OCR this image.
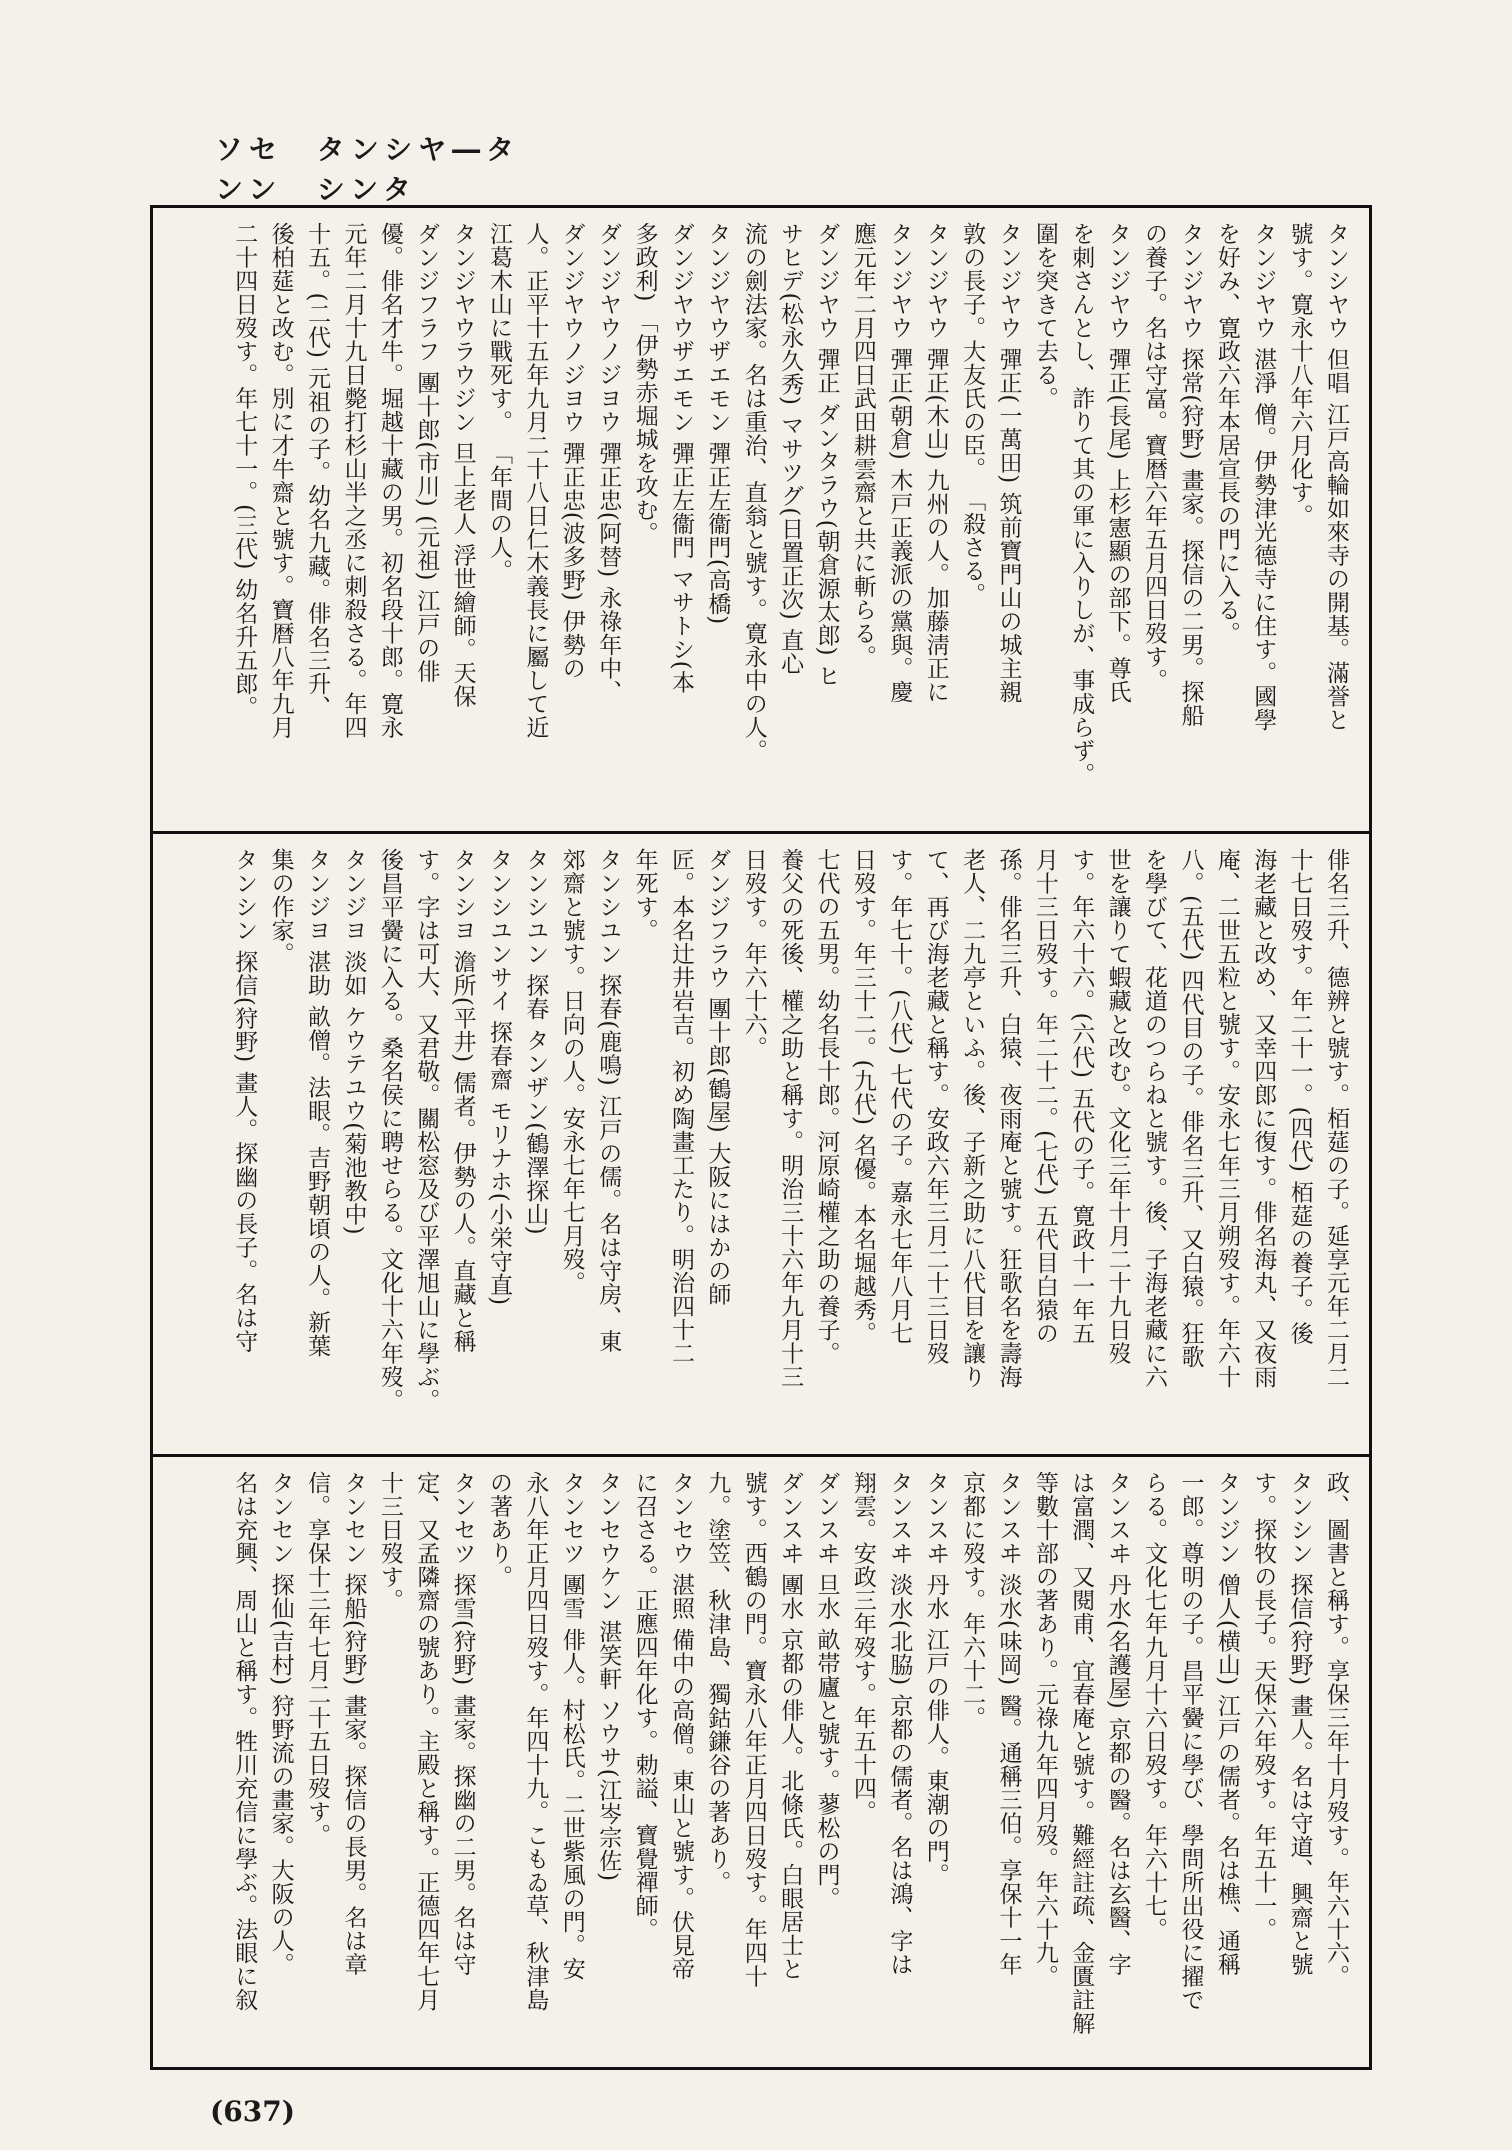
ソセンン
タンシヤ―タシンタ
タンシヤウ 但唱 江戸高輪如來寺の開基。滿誉と
號す。寛永十八年六月化す。
タンジヤウ 湛淨 僧。伊勢津光德寺に住す。國學
を好み、寛政六年本居宣長の門に入る。
タンジヤウ 探常(狩野) 畫家。探信の二男。探船
の養子。名は守富。寶暦六年五月四日歿す。
タンジヤウ 彈正(長尾) 上杉憲顯の部下。尊氏
を刺さんとし、詐りて其の軍に入りしが、事成らず。
圍を突きて去る。
タンジヤウ 彈正(一萬田) 筑前寶門山の城主親
敦の長子。大友氏の臣。 「殺さる。
タンジヤウ 彈正(木山) 九州の人。加藤淸正に
タンジヤウ 彈正(朝倉) 木戸正義派の黨與。慶
應元年二月四日武田耕雲齋と共に斬らる。
ダンジヤウ 彈正 ダンタラウ(朝倉源太郎) ヒ
サヒデ(松永久秀) マサツグ(日置正次) 直心
流の劍法家。名は重治、直翁と號す。寛永中の人。
タンジヤウザエモン 彈正左衞門(高橋)
ダンジヤウザエモン 彈正左衞門 マサトシ(本
多政利) 「伊勢赤堀城を攻む。
ダンジヤウノジヨウ 彈正忠(阿替) 永祿年中、
ダンジヤウノジヨウ 彈正忠(波多野) 伊勢の
人。正平十五年九月二十八日仁木義長に屬して近
江葛木山に戰死す。 「年間の人。
タンジヤウラウジン 旦上老人 浮世繪師。天保
ダンジフラフ 團十郎(市川) (元祖) 江戸の俳
優。俳名才牛。堀越十藏の男。初名段十郎。寛永
元年二月十九日斃打杉山半之丞に刺殺さる。年四
十五。(二代) 元祖の子。幼名九藏。俳名三升、
後柏莚と改む。別に才牛齋と號す。寶暦八年九月
二十四日歿す。年七十一。(三代) 幼名升五郎。
俳名三升、德辨と號す。栢莚の子。延享元年二月二
十七日歿す。年二十一。(四代) 栢莚の養子。後
海老藏と改め、又幸四郎に復す。俳名海丸、又夜雨
庵、二世五粒と號す。安永七年三月朔歿す。年六十
八。(五代) 四代目の子。俳名三升、又白猿。狂歌
を學びて、花道のつらねと號す。後、子海老藏に六
世を讓りて蝦藏と改む。文化三年十月二十九日歿
す。年六十六。(六代) 五代の子。寛政十一年五
月十三日歿す。年二十二。(七代) 五代目白猿の
孫。俳名三升、白猿、夜雨庵と號す。狂歌名を壽海
老人、二九亭といふ。後、子新之助に八代目を讓り
て、再び海老藏と稱す。安政六年三月二十三日歿
す。年七十。(八代) 七代の子。嘉永七年八月七
日歿す。年三十二。(九代) 名優。本名堀越秀。
七代の五男。幼名長十郎。河原崎權之助の養子。
養父の死後、權之助と稱す。明治三十六年九月十三
日歿す。年六十六。
ダンジフラウ 團十郎(鶴屋) 大阪にはかの師
匠。本名辻井岩吉。初め陶畫工たり。明治四十二
年死す。
タンシユン 探春(鹿鳴) 江戸の儒。名は守房、東
郊齋と號す。日向の人。安永七年七月歿。
タンシユン 探春 タンザン(鶴澤探山)
タンシユンサイ 探春齋 モリナホ(小栄守直)
タンシヨ 澹所(平井) 儒者。伊勢の人。直藏と稱
す。字は可大、又君敬。關松窓及び平澤旭山に學ぶ。
後昌平黌に入る。桑名侯に聘せらる。文化十六年歿。
タンジヨ 淡如 ケウテユウ(菊池教中)
タンジヨ 湛助 畝僧。法眼。吉野朝頃の人。新葉
集の作家。
タンシン 探信(狩野) 畫人。探幽の長子。名は守
政、圖書と稱す。享保三年十月歿す。年六十六。
タンシン 探信(狩野) 畫人。名は守道、興齋と號
す。探牧の長子。天保六年歿す。年五十一。
タンジン 僧人(横山) 江戸の儒者。名は樵、通稱
一郎。尊明の子。昌平黌に學び、學問所出役に擢で
らる。文化七年九月十六日歿す。年六十七。
タンスヰ 丹水(名護屋) 京都の醫。名は玄醫、字
は富潤、又閱甫、宜春庵と號す。難經註疏、金匱註解
等數十部の著あり。元祿九年四月歿。年六十九。
タンスヰ 淡水(味岡) 醫。通稱三伯。享保十一年
京都に歿す。年六十二。
タンスヰ 丹水 江戸の俳人。東潮の門。
タンスヰ 淡水(北脇) 京都の儒者。名は鴻、字は
翔雲。安政三年歿す。年五十四。
ダンスヰ 旦水 畝帯廬と號す。蓼松の門。
ダンスヰ 團水 京都の俳人。北條氏。白眼居士と
號す。西鶴の門。寶永八年正月四日歿す。年四十
九。塗笠、秋津島、獨鈷鎌谷の著あり。
タンセウ 湛照 備中の高僧。東山と號す。伏見帝
に召さる。正應四年化す。勅謚、寶覺禪師。
タンセウケン 湛笑軒 ソウサ(江岑宗佐)
タンセツ 團雪 俳人。村松氏。二世紫風の門。安
永八年正月四日歿す。年四十九。こもゐ草、秋津島
の著あり。
タンセツ 探雪(狩野) 畫家。探幽の二男。名は守
定、又孟隣齋の號あり。主殿と稱す。正德四年七月
十三日歿す。
タンセン 探船(狩野) 畫家。探信の長男。名は章
信。享保十三年七月二十五日歿す。
タンセン 探仙(吉村) 狩野流の畫家。大阪の人。
名は充興、周山と稱す。牲川充信に學ぶ。法眼に叙
(637)
